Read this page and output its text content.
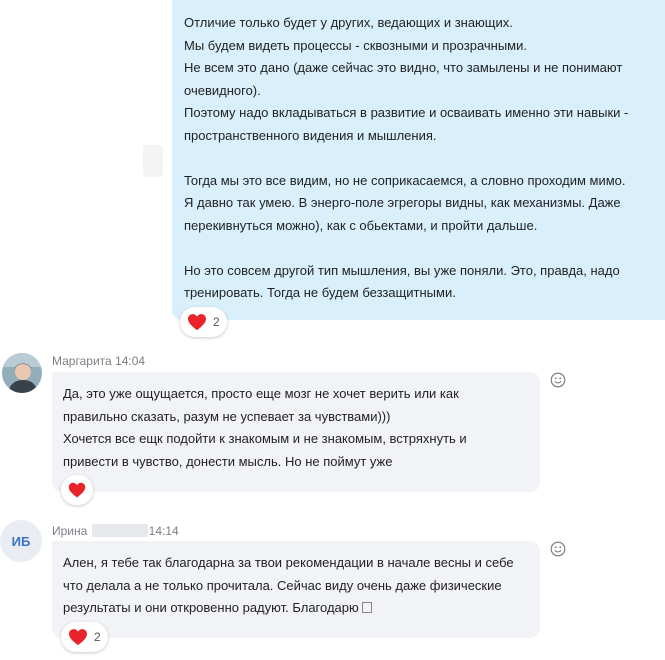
Отличие только будет у других, ведающих и знающих.
Мы будем видеть процессы - сквозными и прозрачными.
Не всем это дано (даже сейчас это видно, что замылены и не понимают
очевидного).
Поэтому надо вкладываться в развитие и осваивать именно эти навыки -
пространственного видения и мышления.

Тогда мы это все видим, но не соприкасаемся, а словно проходим мимо.
Я давно так умею. В энерго-поле эгрегоры видны, как механизмы. Даже
перекивнуться можно), как с обьектами, и пройти дальше.

Но это совсем другой тип мышления, вы уже поняли. Это, правда, надо
тренировать. Тогда не будем беззащитными.

2
Маргарита 14:04
Да, это уже ощущается, просто еще мозг не хочет верить или как
правильно сказать, разум не успевает за чувствами)))
Хочется все ещк подойти к знакомым и не знакомым, встряхнуть и
привести в чувство, донести мысль. Но не поймут уже
ИБ
Ирина	14:14
Ален, я тебе так благодарна за твои рекомендации в начале весны и себе
что делала а не только прочитала. Сейчас виду очень даже физические
результаты и они откровенно радуют. Благодарю
2
